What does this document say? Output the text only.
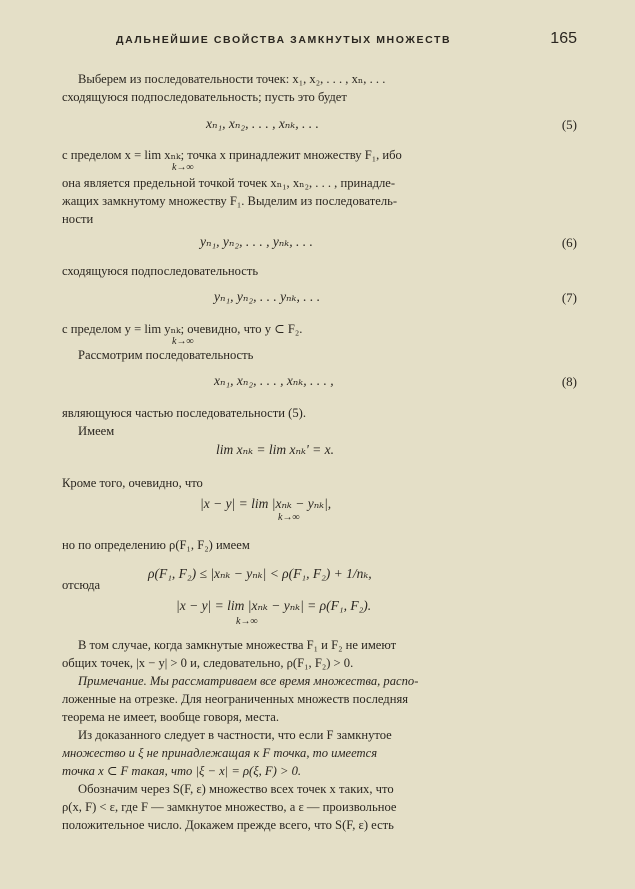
ДАЛЬНЕЙШИЕ СВОЙСТВА ЗАМКНУТЫХ МНОЖЕСТВ	165
Выберем из последовательности точек: x₁, x₂, . . . , xₙ, . . .
сходящуюся подпоследовательность; пусть это будет
xₙ₁, xₙ₂, . . . , xₙₖ, . . .	(5)
с пределом x = lim xₙₖ; точка x принадлежит множеству F₁, ибо
k→∞
она является предельной точкой точек xₙ₁, xₙ₂, . . . , принадле-
жащих замкнутому множеству F₁. Выделим из последователь-
ности
yₙ₁, yₙ₂, . . . , yₙₖ, . . .	(6)
сходящуюся подпоследовательность
yₙ₁, yₙ₂, . . . yₙₖ, . . .	(7)
с пределом y = lim yₙₖ; очевидно, что y ⊂ F₂.
k→∞
Рассмотрим последовательность
xₙ₁, xₙ₂, . . . , xₙₖ, . . . ,	(8)
являющуюся частью последовательности (5).
Имеем
lim xₙₖ = lim xₙₖ' = x.
Кроме того, очевидно, что
|x − y| = lim |xₙₖ − yₙₖ|,
k→∞
но по определению ρ(F₁, F₂) имеем
ρ(F₁, F₂) ≤ |xₙₖ − yₙₖ| < ρ(F₁, F₂) + 1/nₖ,
отсюда
|x − y| = lim |xₙₖ − yₙₖ| = ρ(F₁, F₂).
k→∞
В том случае, когда замкнутые множества F₁ и F₂ не имеют
общих точек, |x − y| > 0 и, следовательно, ρ(F₁, F₂) > 0.
Примечание. Мы рассматриваем все время множества, распо-
ложенные на отрезке. Для неограниченных множеств последняя
теорема не имеет, вообще говоря, места.
Из доказанного следует в частности, что если F замкнутое
множество и ξ не принадлежащая к F точка, то имеется
точка x ⊂ F такая, что |ξ − x| = ρ(ξ, F) > 0.
Обозначим через S(F, ε) множество всех точек x таких, что
ρ(x, F) < ε, где F — замкнутое множество, а ε — произвольное
положительное число. Докажем прежде всего, что S(F, ε) есть
